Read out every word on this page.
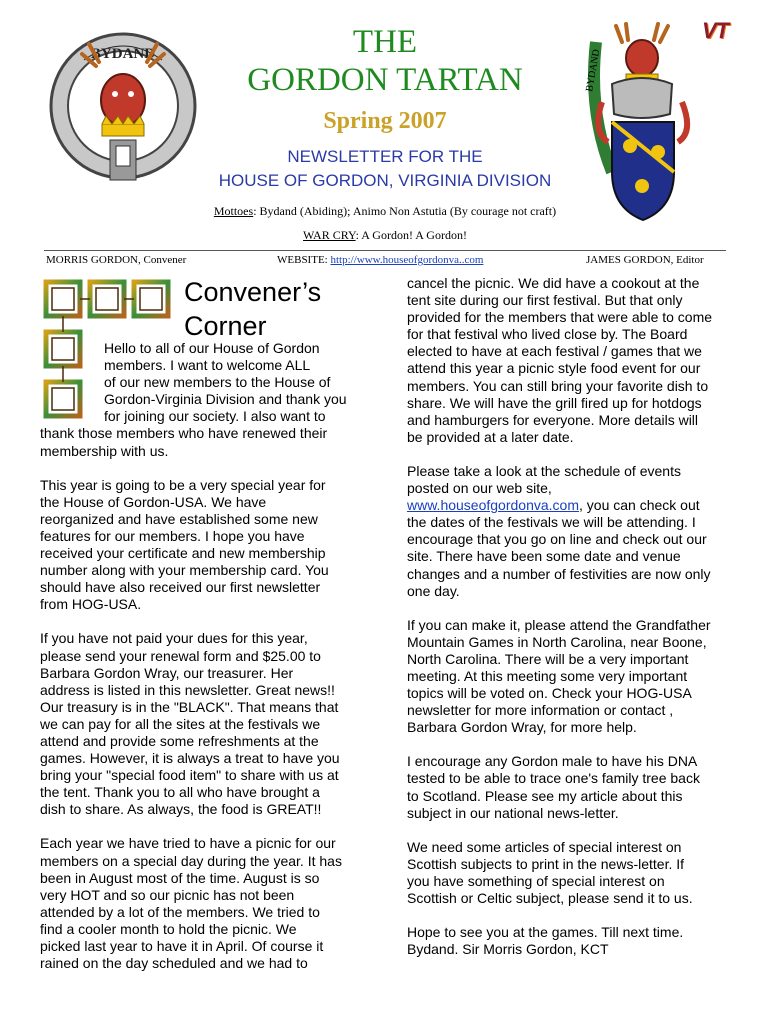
BYDAND	BYDAND
VT
THE
GORDON TARTAN
Spring 2007
NEWSLETTER FOR THE
HOUSE OF GORDON, VIRGINIA DIVISION
Mottoes: Bydand (Abiding); Animo Non Astutia (By courage not craft)
WAR CRY: A Gordon! A Gordon!
MORRIS GORDON, Convener	WEBSITE: http://www.houseofgordonva..com	JAMES GORDON, Editor
Convener’s
Corner

Hello to all of our House of Gordon
members. I want to welcome ALL
of our new members to the House of
Gordon-Virginia Division and thank you
for joining our society. I also want to

thank those members who have renewed their
membership with us.

This year is going to be a very special year for
the House of Gordon-USA. We have
reorganized and have established some new
features for our members. I hope you have
received your certificate and new membership
number along with your membership card. You
should have also received our first newsletter
from HOG-USA.

If you have not paid your dues for this year,
please send your renewal form and $25.00 to
Barbara Gordon Wray, our treasurer. Her
address is listed in this newsletter. Great news!!
Our treasury is in the "BLACK". That means that
we can pay for all the sites at the festivals we
attend and provide some refreshments at the
games. However, it is always a treat to have you
bring your "special food item" to share with us at
the tent. Thank you to all who have brought a
dish to share. As always, the food is GREAT!!

Each year we have tried to have a picnic for our
members on a special day during the year. It has
been in August most of the time. August is so
very HOT and so our picnic has not been
attended by a lot of the members. We tried to
find a cooler month to hold the picnic. We
picked last year to have it in April. Of course it
rained on the day scheduled and we had to

cancel the picnic. We did have a cookout at the
tent site during our first festival. But that only
provided for the members that were able to come
for that festival who lived close by. The Board
elected to have at each festival / games that we
attend this year a picnic style food event for our
members. You can still bring your favorite dish to
share. We will have the grill fired up for hotdogs
and hamburgers for everyone. More details will
be provided at a later date.

Please take a look at the schedule of events
posted on our web site,
www.houseofgordonva.com, you can check out
the dates of the festivals we will be attending. I
encourage that you go on line and check out our
site. There have been some date and venue
changes and a number of festivities are now only
one day.

If you can make it, please attend the Grandfather
Mountain Games in North Carolina, near Boone,
North Carolina. There will be a very important
meeting. At this meeting some very important
topics will be voted on. Check your HOG-USA
newsletter for more information or contact ,
Barbara Gordon Wray, for more help.

I encourage any Gordon male to have his DNA
tested to be able to trace one's family tree back
to Scotland. Please see my article about this
subject in our national news-letter.

We need some articles of special interest on
Scottish subjects to print in the news-letter. If
you have something of special interest on
Scottish or Celtic subject, please send it to us.

Hope to see you at the games. Till next time.
Bydand. Sir Morris Gordon, KCT
